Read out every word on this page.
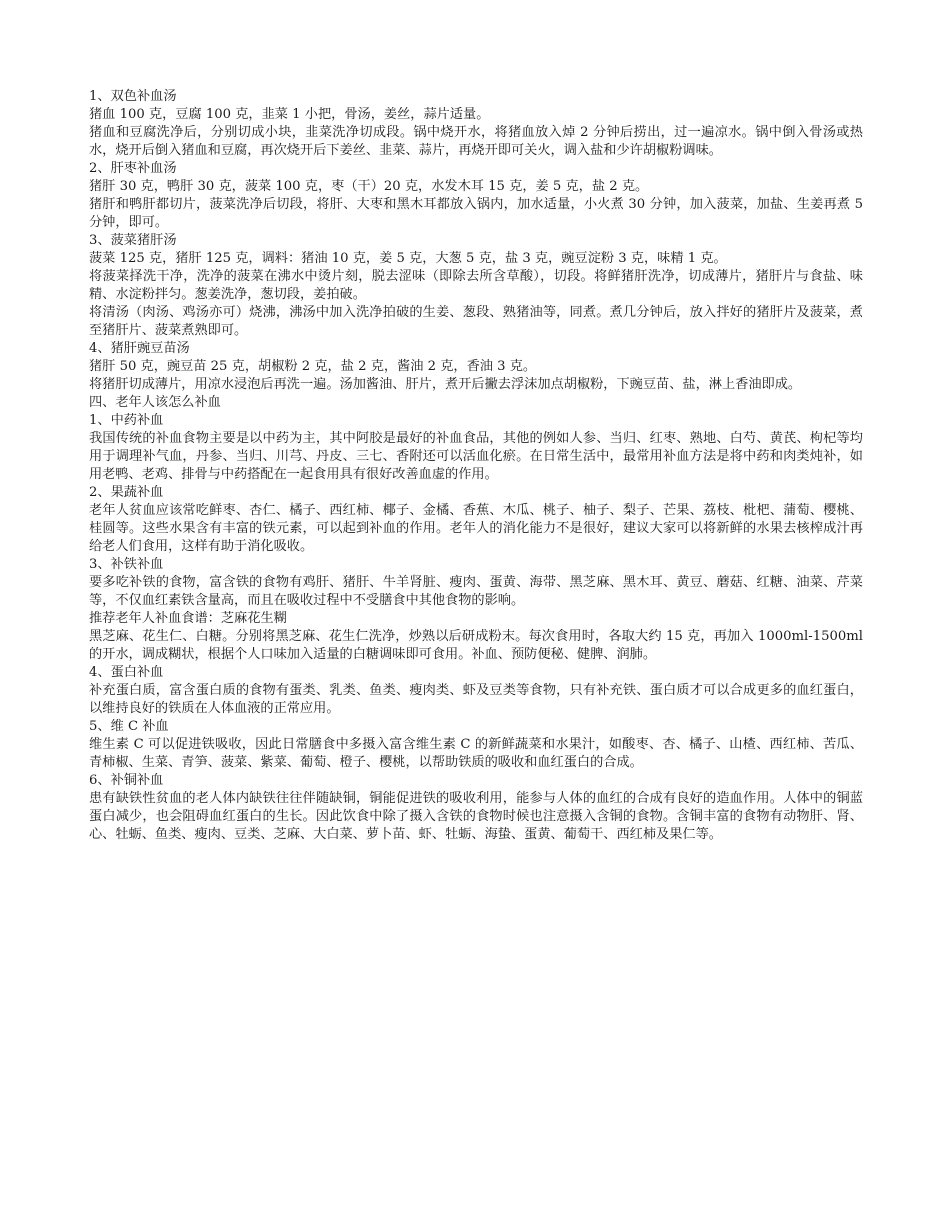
1、双色补血汤

猪血 100 克，豆腐 100 克，韭菜 1 小把，骨汤，姜丝，蒜片适量。

猪血和豆腐洗净后，分别切成小块，韭菜洗净切成段。锅中烧开水，将猪血放入焯 2 分钟后捞出，过一遍凉水。锅中倒入骨汤或热水，烧开后倒入猪血和豆腐，再次烧开后下姜丝、韭菜、蒜片，再烧开即可关火，调入盐和少许胡椒粉调味。

2、肝枣补血汤

猪肝 30 克，鸭肝 30 克，菠菜 100 克，枣（干）20 克，水发木耳 15 克，姜 5 克，盐 2 克。

猪肝和鸭肝都切片，菠菜洗净后切段，将肝、大枣和黑木耳都放入锅内，加水适量，小火煮 30 分钟，加入菠菜，加盐、生姜再煮 5 分钟，即可。

3、菠菜猪肝汤

菠菜 125 克，猪肝 125 克，调料：猪油 10 克，姜 5 克，大葱 5 克，盐 3 克，豌豆淀粉 3 克，味精 1 克。

将菠菜择洗干净，洗净的菠菜在沸水中烫片刻，脱去涩味（即除去所含草酸），切段。将鲜猪肝洗净，切成薄片，猪肝片与食盐、味精、水淀粉拌匀。葱姜洗净，葱切段，姜拍破。

将清汤（肉汤、鸡汤亦可）烧沸，沸汤中加入洗净拍破的生姜、葱段、熟猪油等，同煮。煮几分钟后，放入拌好的猪肝片及菠菜，煮至猪肝片、菠菜煮熟即可。

4、猪肝豌豆苗汤

猪肝 50 克，豌豆苗 25 克，胡椒粉 2 克，盐 2 克，酱油 2 克，香油 3 克。

将猪肝切成薄片，用凉水浸泡后再洗一遍。汤加酱油、肝片，煮开后撇去浮沫加点胡椒粉，下豌豆苗、盐，淋上香油即成。

四、老年人该怎么补血

1、中药补血

我国传统的补血食物主要是以中药为主，其中阿胶是最好的补血食品，其他的例如人参、当归、红枣、熟地、白芍、黄芪、枸杞等均用于调理补气血，丹参、当归、川芎、丹皮、三七、香附还可以活血化瘀。在日常生活中，最常用补血方法是将中药和肉类炖补，如用老鸭、老鸡、排骨与中药搭配在一起食用具有很好改善血虚的作用。

2、果蔬补血

老年人贫血应该常吃鲜枣、杏仁、橘子、西红柿、椰子、金橘、香蕉、木瓜、桃子、柚子、梨子、芒果、荔枝、枇杷、蒲萄、樱桃、桂圆等。这些水果含有丰富的铁元素，可以起到补血的作用。老年人的消化能力不是很好，建议大家可以将新鲜的水果去核榨成汁再给老人们食用，这样有助于消化吸收。

3、补铁补血

要多吃补铁的食物，富含铁的食物有鸡肝、猪肝、牛羊肾脏、瘦肉、蛋黄、海带、黑芝麻、黑木耳、黄豆、蘑菇、红糖、油菜、芹菜等，不仅血红素铁含量高，而且在吸收过程中不受膳食中其他食物的影响。

推荐老年人补血食谱：芝麻花生糊

黑芝麻、花生仁、白糖。分别将黑芝麻、花生仁洗净，炒熟以后研成粉末。每次食用时，各取大约 15 克，再加入 1000ml-1500ml 的开水，调成糊状，根据个人口味加入适量的白糖调味即可食用。补血、预防便秘、健脾、润肺。

4、蛋白补血

补充蛋白质，富含蛋白质的食物有蛋类、乳类、鱼类、瘦肉类、虾及豆类等食物，只有补充铁、蛋白质才可以合成更多的血红蛋白，以维持良好的铁质在人体血液的正常应用。

5、维 C 补血

维生素 C 可以促进铁吸收，因此日常膳食中多摄入富含维生素 C 的新鲜蔬菜和水果汁，如酸枣、杏、橘子、山楂、西红柿、苦瓜、青柿椒、生菜、青笋、菠菜、紫菜、葡萄、橙子、樱桃，以帮助铁质的吸收和血红蛋白的合成。

6、补铜补血

患有缺铁性贫血的老人体内缺铁往往伴随缺铜，铜能促进铁的吸收利用，能参与人体的血红的合成有良好的造血作用。人体中的铜蓝蛋白减少，也会阻碍血红蛋白的生长。因此饮食中除了摄入含铁的食物时候也注意摄入含铜的食物。含铜丰富的食物有动物肝、肾、心、牡蛎、鱼类、瘦肉、豆类、芝麻、大白菜、萝卜苗、虾、牡蛎、海蛰、蛋黄、葡萄干、西红柿及果仁等。
